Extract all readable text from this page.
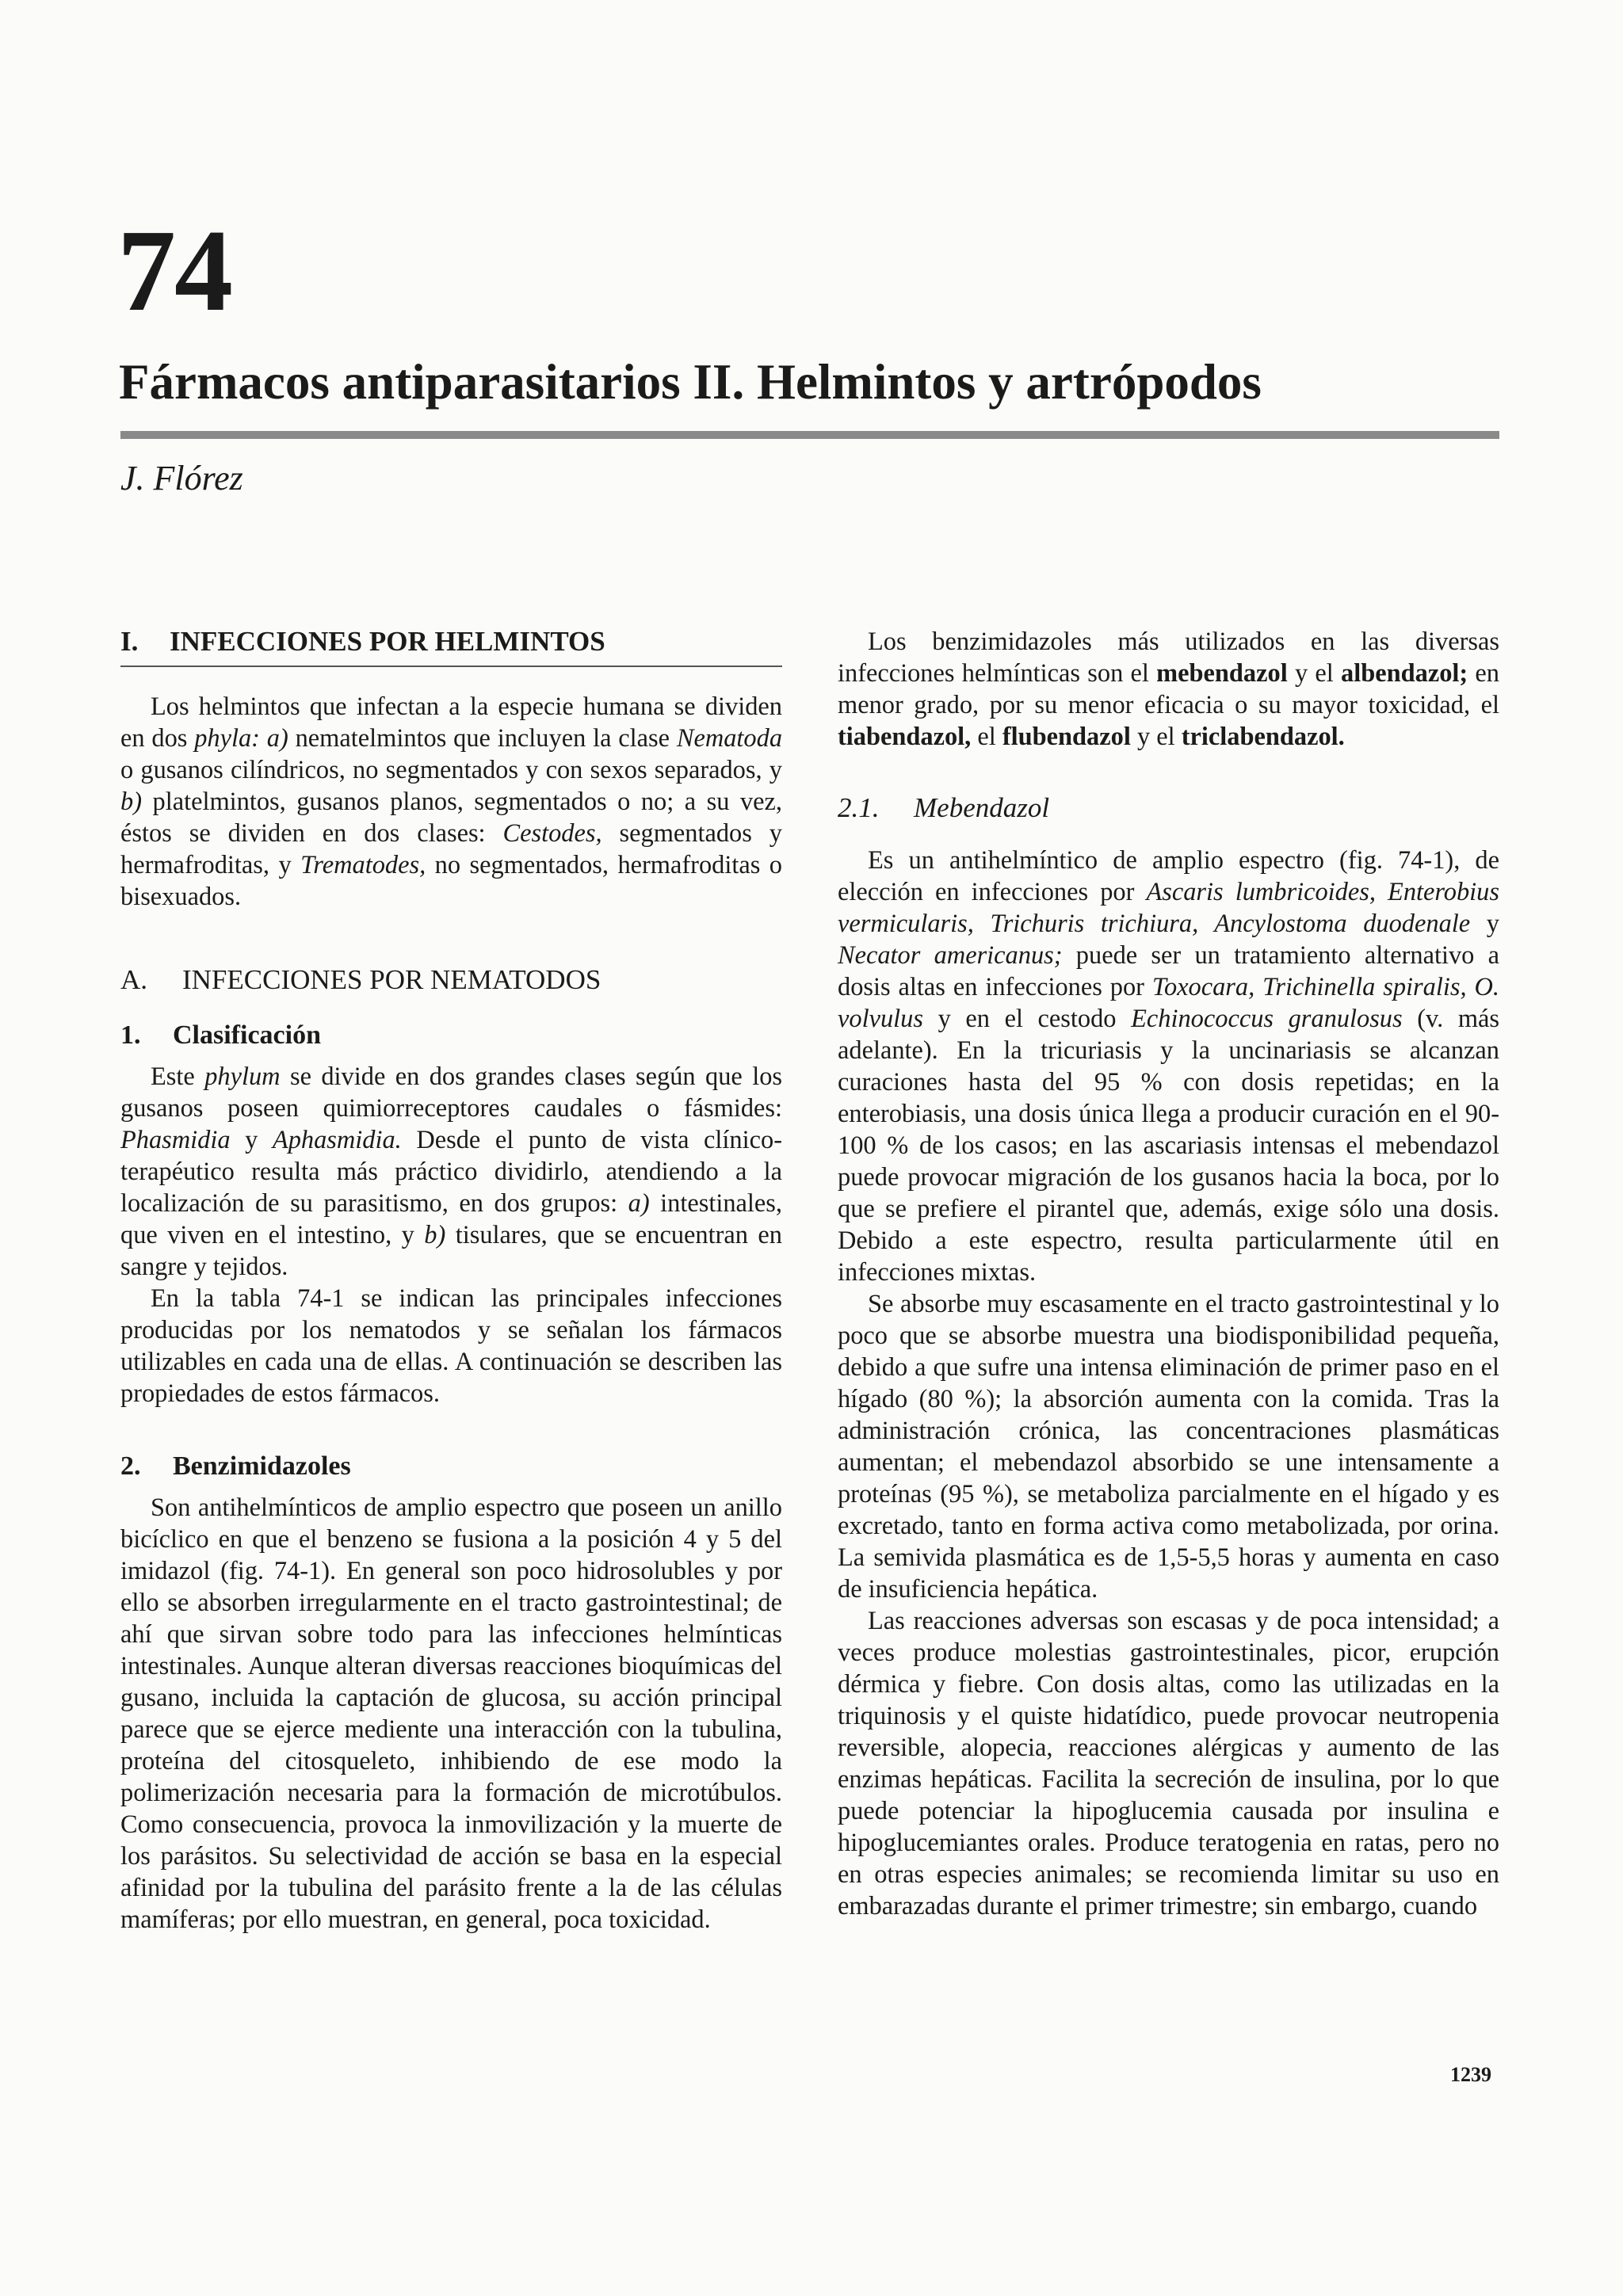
74
Fármacos antiparasitarios II. Helmintos y artrópodos
J. Flórez
I. INFECCIONES POR HELMINTOS

Los helmintos que infectan a la especie humana se dividen en dos phyla: a) nematelmintos que incluyen la clase Nematoda o gusanos cilíndricos, no segmentados y con sexos separados, y b) platelmintos, gusanos planos, segmentados o no; a su vez, éstos se dividen en dos clases: Cestodes, segmentados y hermafroditas, y Trematodes, no segmentados, hermafroditas o bisexuados.

A. INFECCIONES POR NEMATODOS
1. Clasificación

Este phylum se divide en dos grandes clases según que los gusanos poseen quimiorreceptores caudales o fásmides: Phasmidia y Aphasmidia. Desde el punto de vista clínico-terapéutico resulta más práctico dividirlo, atendiendo a la localización de su parasitismo, en dos grupos: a) intestinales, que viven en el intestino, y b) tisulares, que se encuentran en sangre y tejidos.

En la tabla 74-1 se indican las principales infecciones producidas por los nematodos y se señalan los fármacos utilizables en cada una de ellas. A continuación se describen las propiedades de estos fármacos.

2. Benzimidazoles

Son antihelmínticos de amplio espectro que poseen un anillo bicíclico en que el benzeno se fusiona a la posición 4 y 5 del imidazol (fig. 74-1). En general son poco hidrosolubles y por ello se absorben irregularmente en el tracto gastrointestinal; de ahí que sirvan sobre todo para las infecciones helmínticas intestinales. Aunque alteran diversas reacciones bioquímicas del gusano, incluida la captación de glucosa, su acción principal parece que se ejerce mediente una interacción con la tubulina, proteína del citosqueleto, inhibiendo de ese modo la polimerización necesaria para la formación de microtúbulos. Como consecuencia, provoca la inmovilización y la muerte de los parásitos. Su selectividad de acción se basa en la especial afinidad por la tubulina del parásito frente a la de las células mamíferas; por ello muestran, en general, poca toxicidad.

Los benzimidazoles más utilizados en las diversas infecciones helmínticas son el mebendazol y el albendazol; en menor grado, por su menor eficacia o su mayor toxicidad, el tiabendazol, el flubendazol y el triclabendazol.

2.1. Mebendazol

Es un antihelmíntico de amplio espectro (fig. 74-1), de elección en infecciones por Ascaris lumbricoides, Enterobius vermicularis, Trichuris trichiura, Ancylostoma duodenale y Necator americanus; puede ser un tratamiento alternativo a dosis altas en infecciones por Toxocara, Trichinella spiralis, O. volvulus y en el cestodo Echinococcus granulosus (v. más adelante). En la tricuriasis y la uncinariasis se alcanzan curaciones hasta del 95 % con dosis repetidas; en la enterobiasis, una dosis única llega a producir curación en el 90-100 % de los casos; en las ascariasis intensas el mebendazol puede provocar migración de los gusanos hacia la boca, por lo que se prefiere el pirantel que, además, exige sólo una dosis. Debido a este espectro, resulta particularmente útil en infecciones mixtas.

Se absorbe muy escasamente en el tracto gastrointestinal y lo poco que se absorbe muestra una biodisponibilidad pequeña, debido a que sufre una intensa eliminación de primer paso en el hígado (80 %); la absorción aumenta con la comida. Tras la administración crónica, las concentraciones plasmáticas aumentan; el mebendazol absorbido se une intensamente a proteínas (95 %), se metaboliza parcialmente en el hígado y es excretado, tanto en forma activa como metabolizada, por orina. La semivida plasmática es de 1,5-5,5 horas y aumenta en caso de insuficiencia hepática.

Las reacciones adversas son escasas y de poca intensidad; a veces produce molestias gastrointestinales, picor, erupción dérmica y fiebre. Con dosis altas, como las utilizadas en la triquinosis y el quiste hidatídico, puede provocar neutropenia reversible, alopecia, reacciones alérgicas y aumento de las enzimas hepáticas. Facilita la secreción de insulina, por lo que puede potenciar la hipoglucemia causada por insulina e hipoglucemiantes orales. Produce teratogenia en ratas, pero no en otras especies animales; se recomienda limitar su uso en embarazadas durante el primer trimestre; sin embargo, cuando

1239
